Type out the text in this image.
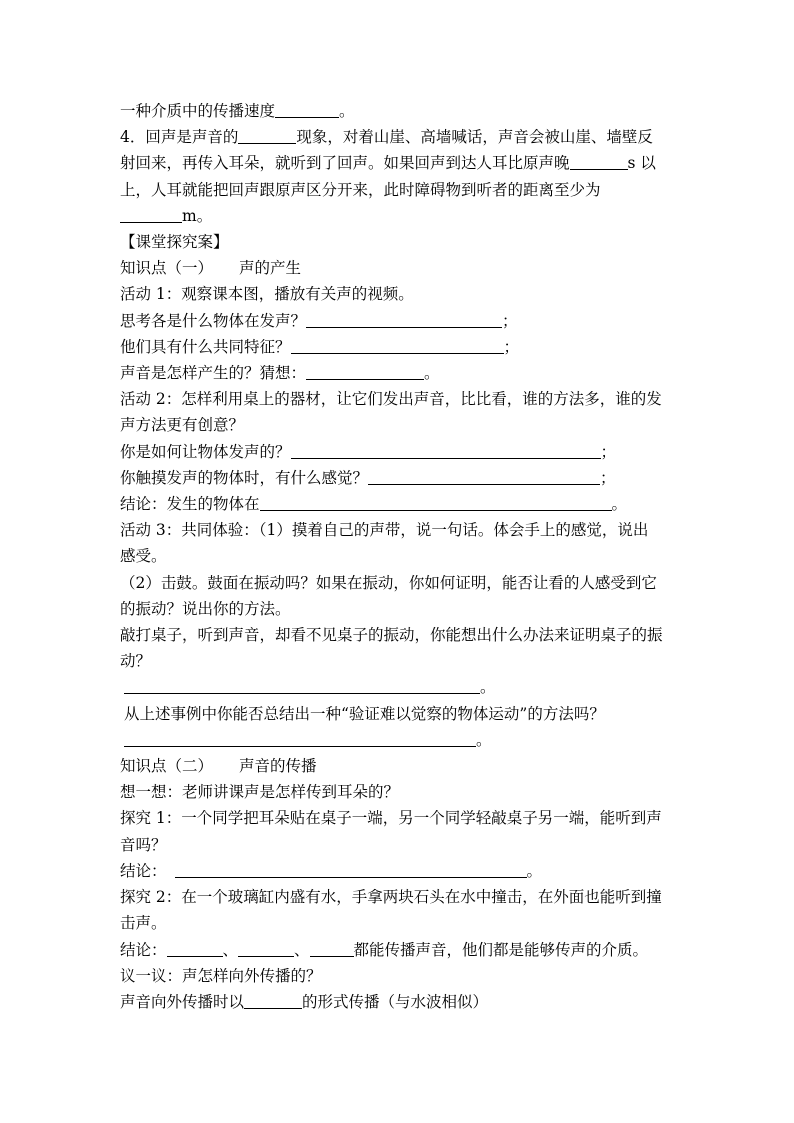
一种介质中的传播速度	。
4．回声是声音的	现象，对着山崖、高墙喊话，声音会被山崖、墙壁反
射回来，再传入耳朵，就听到了回声。如果回声到达人耳比原声晚	s 以
上，人耳就能把回声跟原声区分开来，此时障碍物到听者的距离至少为
m。
【课堂探究案】
知识点（一） 声的产生
活动 1：观察课本图，播放有关声的视频。
思考各是什么物体在发声？	；
他们具有什么共同特征？	；
声音是怎样产生的？猜想：	。
活动 2：怎样利用桌上的器材，让它们发出声音，比比看，谁的方法多，谁的发
声方法更有创意？
你是如何让物体发声的？	；
你触摸发声的物体时，有什么感觉？	；
结论：发生的物体在	。
活动 3：共同体验：（1）摸着自己的声带，说一句话。体会手上的感觉，说出
感受。
（2）击鼓。鼓面在振动吗？如果在振动，你如何证明，能否让看的人感受到它
的振动？说出你的方法。
敲打桌子，听到声音，却看不见桌子的振动，你能想出什么办法来证明桌子的振
动？
。
从上述事例中你能否总结出一种“验证难以觉察的物体运动”的方法吗？
。
知识点（二） 声音的传播
想一想：老师讲课声是怎样传到耳朵的？
探究 1：一个同学把耳朵贴在桌子一端，另一个同学轻敲桌子另一端，能听到声
音吗？
结论：	。
探究 2：在一个玻璃缸内盛有水，手拿两块石头在水中撞击，在外面也能听到撞
击声。
结论：	、	、	都能传播声音，他们都是能够传声的介质。
议一议：声怎样向外传播的？
声音向外传播时以	的形式传播（与水波相似）
